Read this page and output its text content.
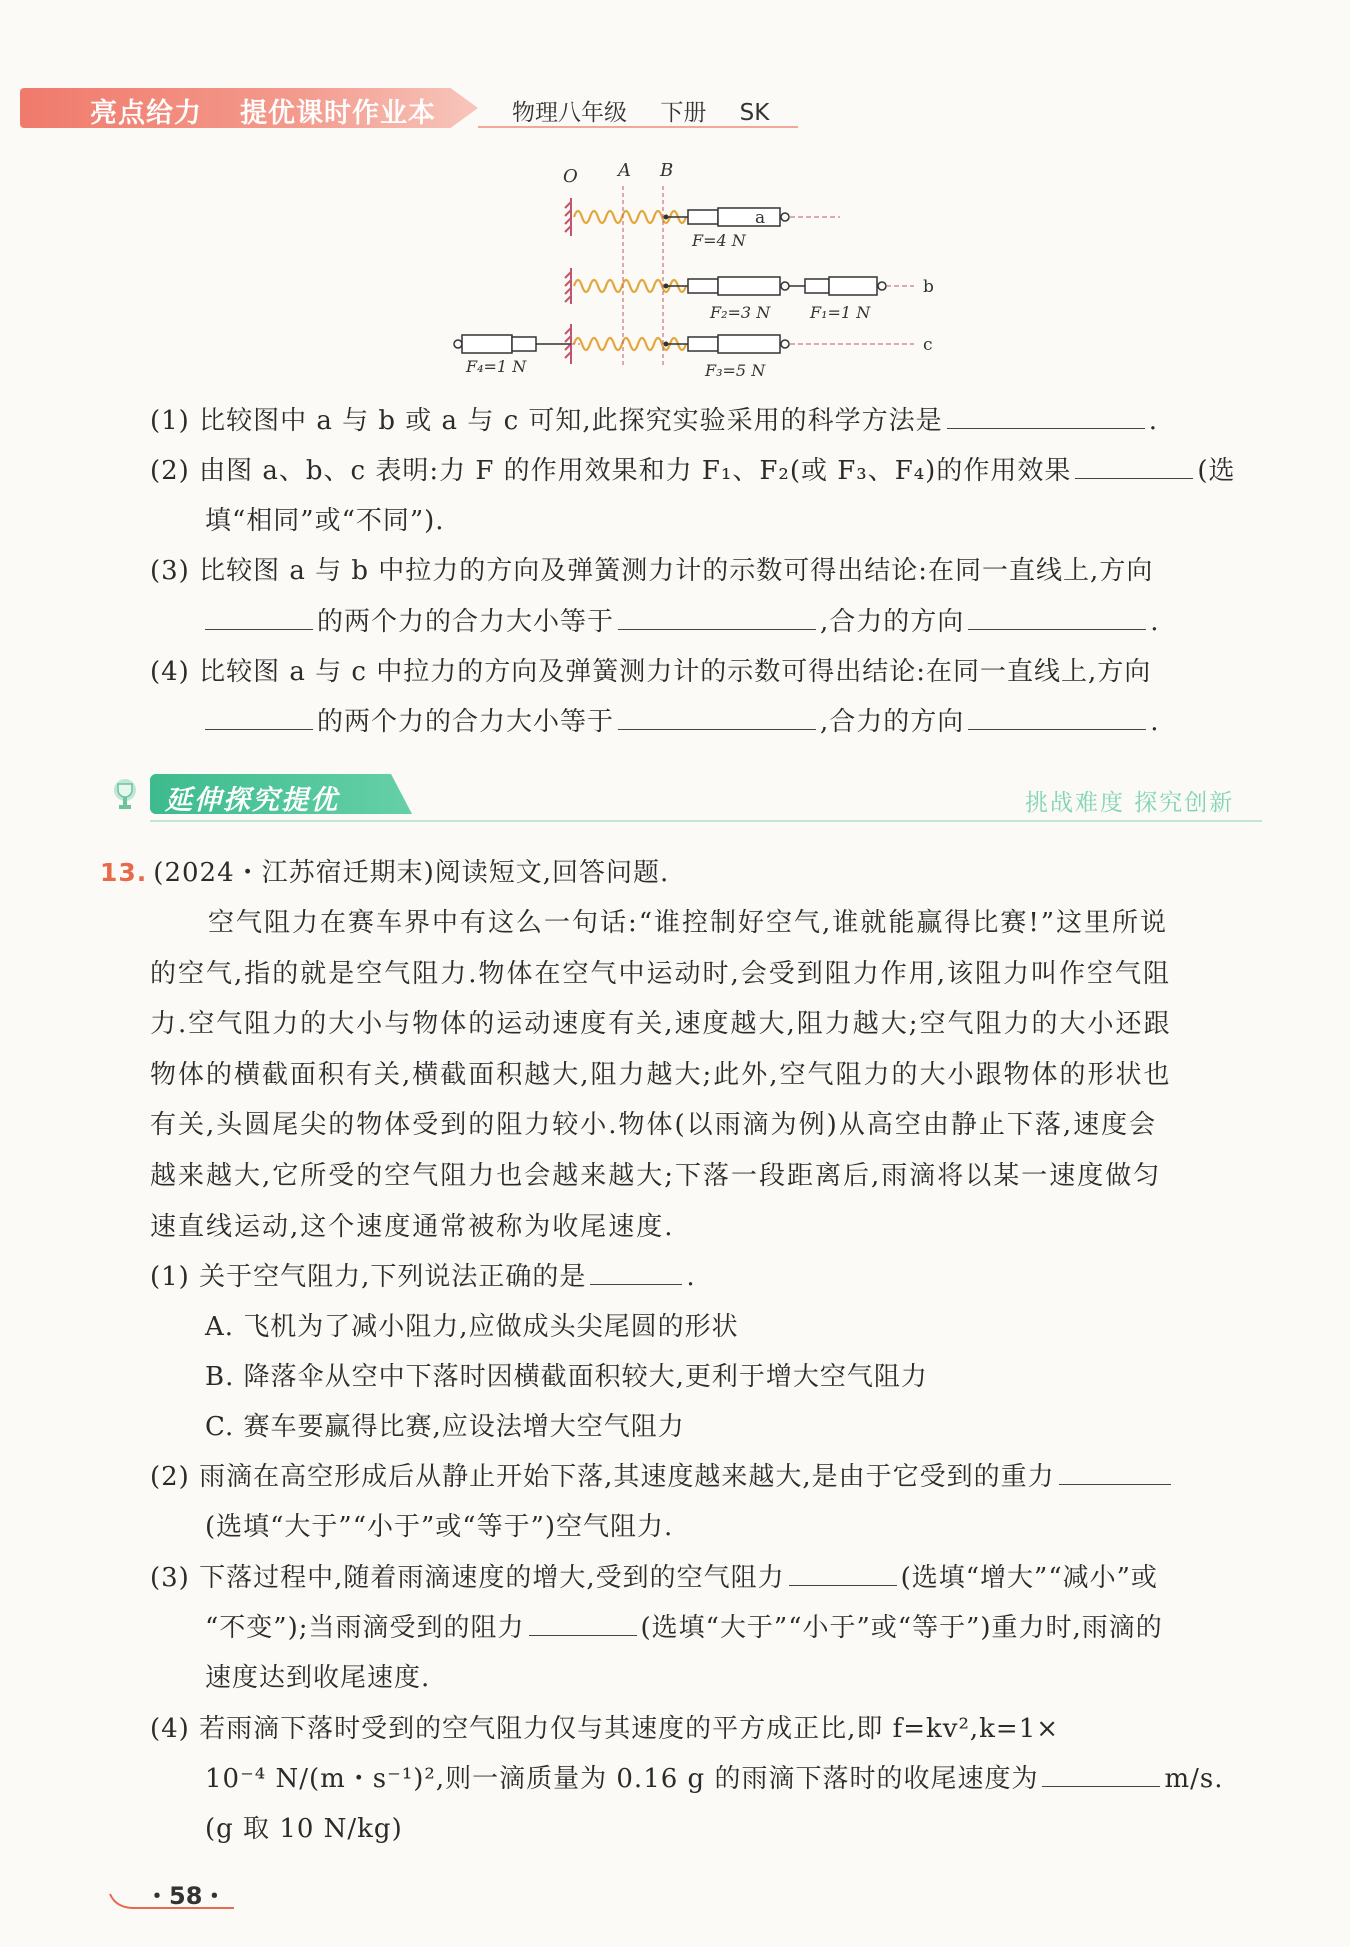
亮点给力 提优课时作业本	物理八年级 下册 SK
O A B
F=4 N
a
F₂=3 N F₁=1 N
b
F₃=5 N
c
F₄=1 N
(1) 比较图中 a 与 b 或 a 与 c 可知,此探究实验采用的科学方法是	.
(2) 由图 a、b、c 表明:力 F 的作用效果和力 F₁、F₂(或 F₃、F₄)的作用效果	(选
填“相同”或“不同”).
(3) 比较图 a 与 b 中拉力的方向及弹簧测力计的示数可得出结论:在同一直线上,方向
的两个力的合力大小等于	,合力的方向	.
(4) 比较图 a 与 c 中拉力的方向及弹簧测力计的示数可得出结论:在同一直线上,方向
的两个力的合力大小等于	,合力的方向	.
延伸探究提优	挑战难度 探究创新
13. (2024・江苏宿迁期末)阅读短文,回答问题.
空气阻力在赛车界中有这么一句话:“谁控制好空气,谁就能赢得比赛!”这里所说
的空气,指的就是空气阻力.物体在空气中运动时,会受到阻力作用,该阻力叫作空气阻
力.空气阻力的大小与物体的运动速度有关,速度越大,阻力越大;空气阻力的大小还跟
物体的横截面积有关,横截面积越大,阻力越大;此外,空气阻力的大小跟物体的形状也
有关,头圆尾尖的物体受到的阻力较小.物体(以雨滴为例)从高空由静止下落,速度会
越来越大,它所受的空气阻力也会越来越大;下落一段距离后,雨滴将以某一速度做匀
速直线运动,这个速度通常被称为收尾速度.
(1) 关于空气阻力,下列说法正确的是	.
A. 飞机为了减小阻力,应做成头尖尾圆的形状
B. 降落伞从空中下落时因横截面积较大,更利于增大空气阻力
C. 赛车要赢得比赛,应设法增大空气阻力
(2) 雨滴在高空形成后从静止开始下落,其速度越来越大,是由于它受到的重力
(选填“大于”“小于”或“等于”)空气阻力.
(3) 下落过程中,随着雨滴速度的增大,受到的空气阻力	(选填“增大”“减小”或
“不变”);当雨滴受到的阻力	(选填“大于”“小于”或“等于”)重力时,雨滴的
速度达到收尾速度.
(4) 若雨滴下落时受到的空气阻力仅与其速度的平方成正比,即 f=kv²,k=1×
10⁻⁴ N/(m・s⁻¹)²,则一滴质量为 0.16 g 的雨滴下落时的收尾速度为	m/s.
(g 取 10 N/kg)
・58・
